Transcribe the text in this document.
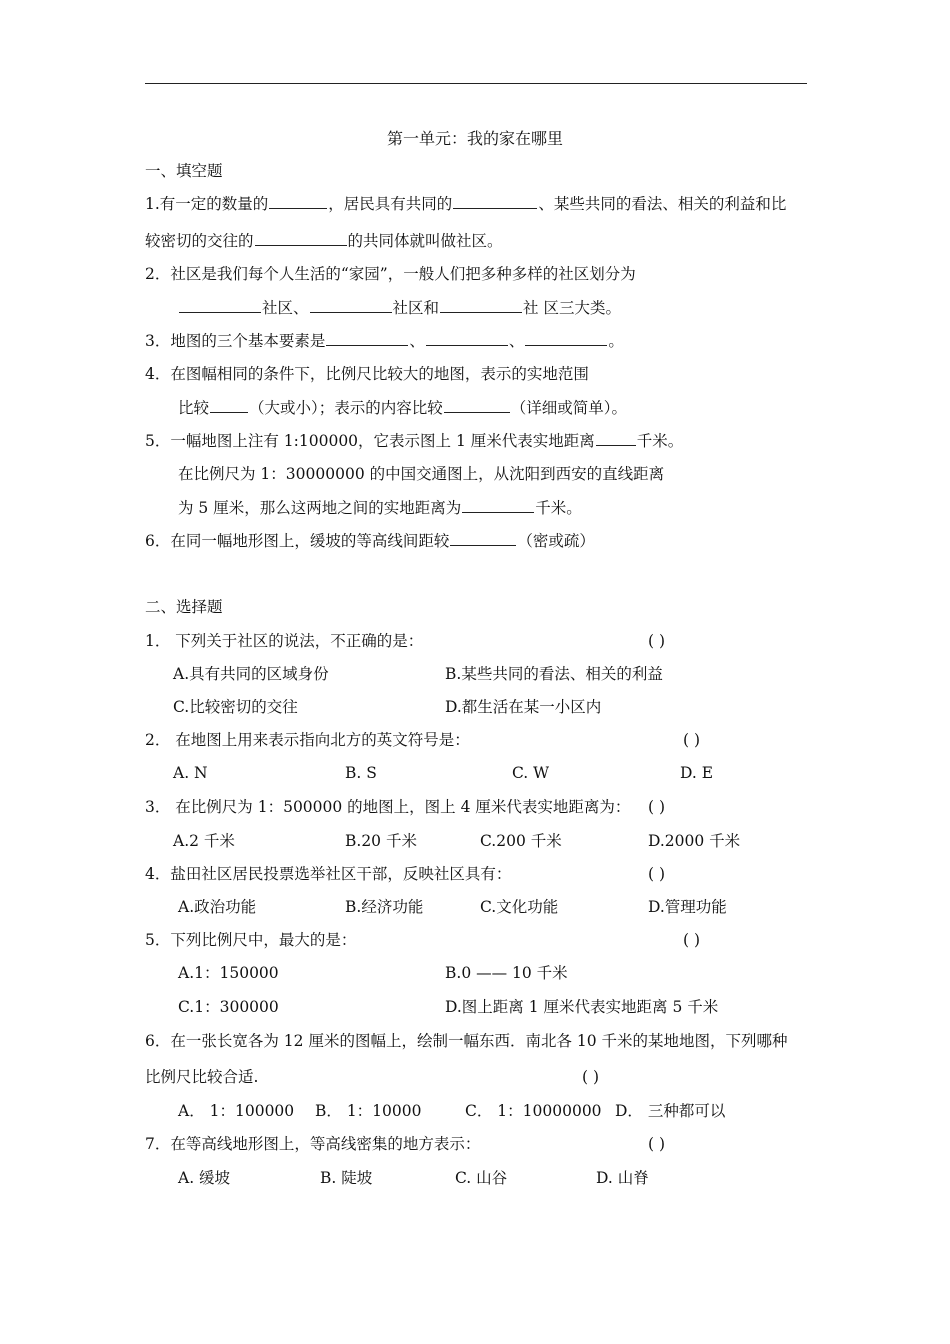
第一单元：我的家在哪里
一、填空题
1.有一定的数量的	，居民具有共同的	、某些共同的看法、相关的利益和比
较密切的交往的	的共同体就叫做社区。
2．社区是我们每个人生活的“家园”，一般人们把多种多样的社区划分为
社区、	社区和	社 区三大类。
3．地图的三个基本要素是	、	、	。
4．在图幅相同的条件下，比例尺比较大的地图，表示的实地范围
比较	（大或小）；表示的内容比较	（详细或简单）。
5．一幅地图上注有 1:100000，它表示图上 1 厘米代表实地距离	千米。
在比例尺为 1：30000000 的中国交通图上，从沈阳到西安的直线距离
为 5 厘米，那么这两地之间的实地距离为	千米。
6．在同一幅地形图上，缓坡的等高线间距较	（密或疏）
二、选择题
1． 下列关于社区的说法，不正确的是：	( )
A.具有共同的区域身份	B.某些共同的看法、相关的利益
C.比较密切的交往	D.都生活在某一小区内
2． 在地图上用来表示指向北方的英文符号是：	( )
A. N	B. S	C. W	D. E
3． 在比例尺为 1：500000 的地图上，图上 4 厘米代表实地距离为： ( )
A.2 千米	B.20 千米	C.200 千米	D.2000 千米
4．盐田社区居民投票选举社区干部，反映社区具有：	( )
A.政治功能	B.经济功能	C.文化功能	D.管理功能
5．下列比例尺中，最大的是：	( )
A.1：150000	B.0 —— 10 千米
C.1：300000	D.图上距离 1 厘米代表实地距离 5 千米
6．在一张长宽各为 12 厘米的图幅上，绘制一幅东西．南北各 10 千米的某地地图，下列哪种
比例尺比较合适.	( )
A． 1：100000 B． 1：10000	C． 1：10000000 D． 三种都可以
7．在等高线地形图上，等高线密集的地方表示：	( )
A. 缓坡	B. 陡坡	C. 山谷	D. 山脊
